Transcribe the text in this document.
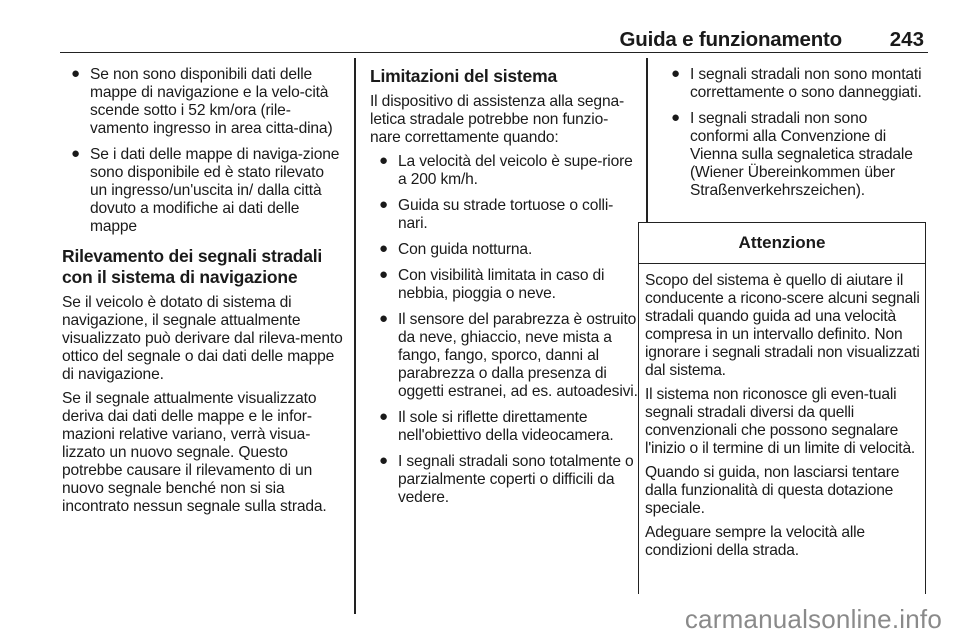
Guida e funzionamento 243
● Se non sono disponibili dati delle mappe di navigazione e la velo-cità scende sotto i 52 km/ora (rile-vamento ingresso in area citta-dina)
● Se i dati delle mappe di naviga-zione sono disponibile ed è stato rilevato un ingresso/un'uscita in/ dalla città dovuto a modifiche ai dati delle mappe
Rilevamento dei segnali stradali con il sistema di navigazione

Se il veicolo è dotato di sistema di navigazione, il segnale attualmente visualizzato può derivare dal rileva-mento ottico del segnale o dai dati delle mappe di navigazione.

Se il segnale attualmente visualizzato deriva dai dati delle mappe e le infor-mazioni relative variano, verrà visua-lizzato un nuovo segnale. Questo potrebbe causare il rilevamento di un nuovo segnale benché non si sia incontrato nessun segnale sulla strada.

Limitazioni del sistema

Il dispositivo di assistenza alla segna-letica stradale potrebbe non funzio-nare correttamente quando:

● La velocità del veicolo è supe-riore a 200 km/h.
● Guida su strade tortuose o colli-nari.
● Con guida notturna.
● Con visibilità limitata in caso di nebbia, pioggia o neve.
● Il sensore del parabrezza è ostruito da neve, ghiaccio, neve mista a fango, fango, sporco, danni al parabrezza o dalla presenza di oggetti estranei, ad es. autoadesivi.
● Il sole si riflette direttamente nell'obiettivo della videocamera.
● I segnali stradali sono totalmente o parzialmente coperti o difficili da vedere.
● I segnali stradali non sono montati correttamente o sono danneggiati.
● I segnali stradali non sono conformi alla Convenzione di Vienna sulla segnaletica stradale (Wiener Übereinkommen über Straßenverkehrszeichen).
Attenzione

Scopo del sistema è quello di aiutare il conducente a ricono-scere alcuni segnali stradali quando guida ad una velocità compresa in un intervallo definito. Non ignorare i segnali stradali non visualizzati dal sistema.

Il sistema non riconosce gli even-tuali segnali stradali diversi da quelli convenzionali che possono segnalare l'inizio o il termine di un limite di velocità.

Quando si guida, non lasciarsi tentare dalla funzionalità di questa dotazione speciale.

Adeguare sempre la velocità alle condizioni della strada.

carmanualsonline.info
